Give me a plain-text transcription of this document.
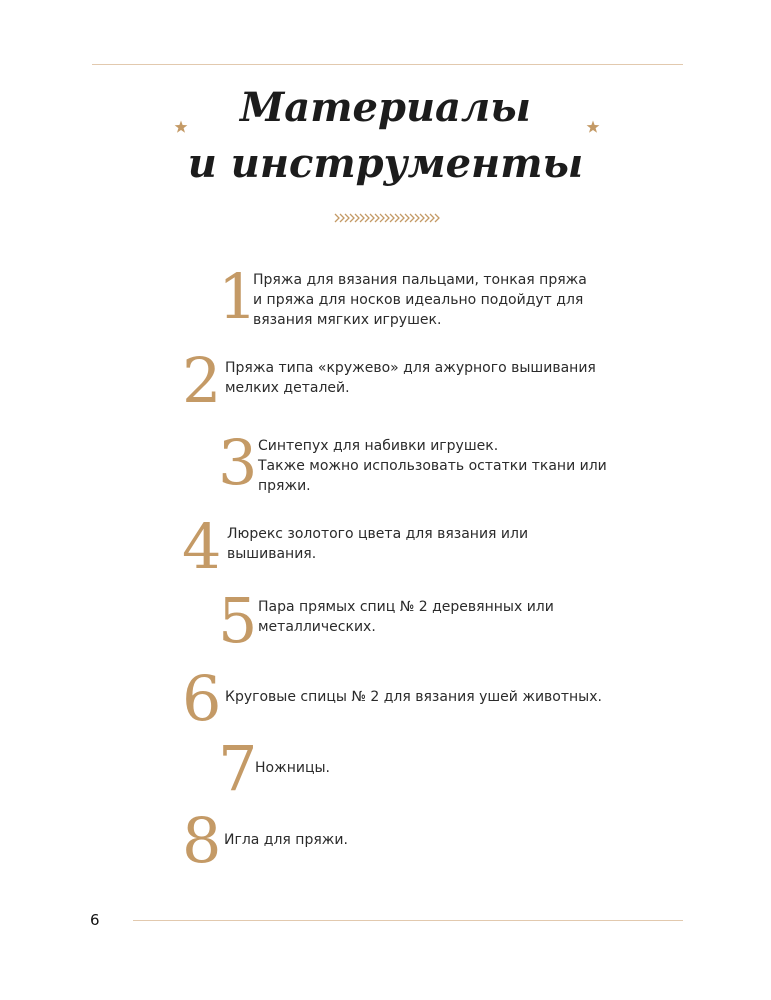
Материалы
и инструменты
1
Пряжа для вязания пальцами, тонкая пряжа
и пряжа для носков идеально подойдут для
вязания мягких игрушек.
2 Пряжа типа «кружево» для ажурного вышивания
мелких деталей.
3 Синтепух для набивки игрушек.
Также можно использовать остатки ткани или
пряжи.
4 Люрекс золотого цвета для вязания или
вышивания.
5 Пара прямых спиц № 2 деревянных или
металлических.
6 Круговые спицы № 2 для вязания ушей животных.
7
Ножницы.
8 Игла для пряжи.
6
